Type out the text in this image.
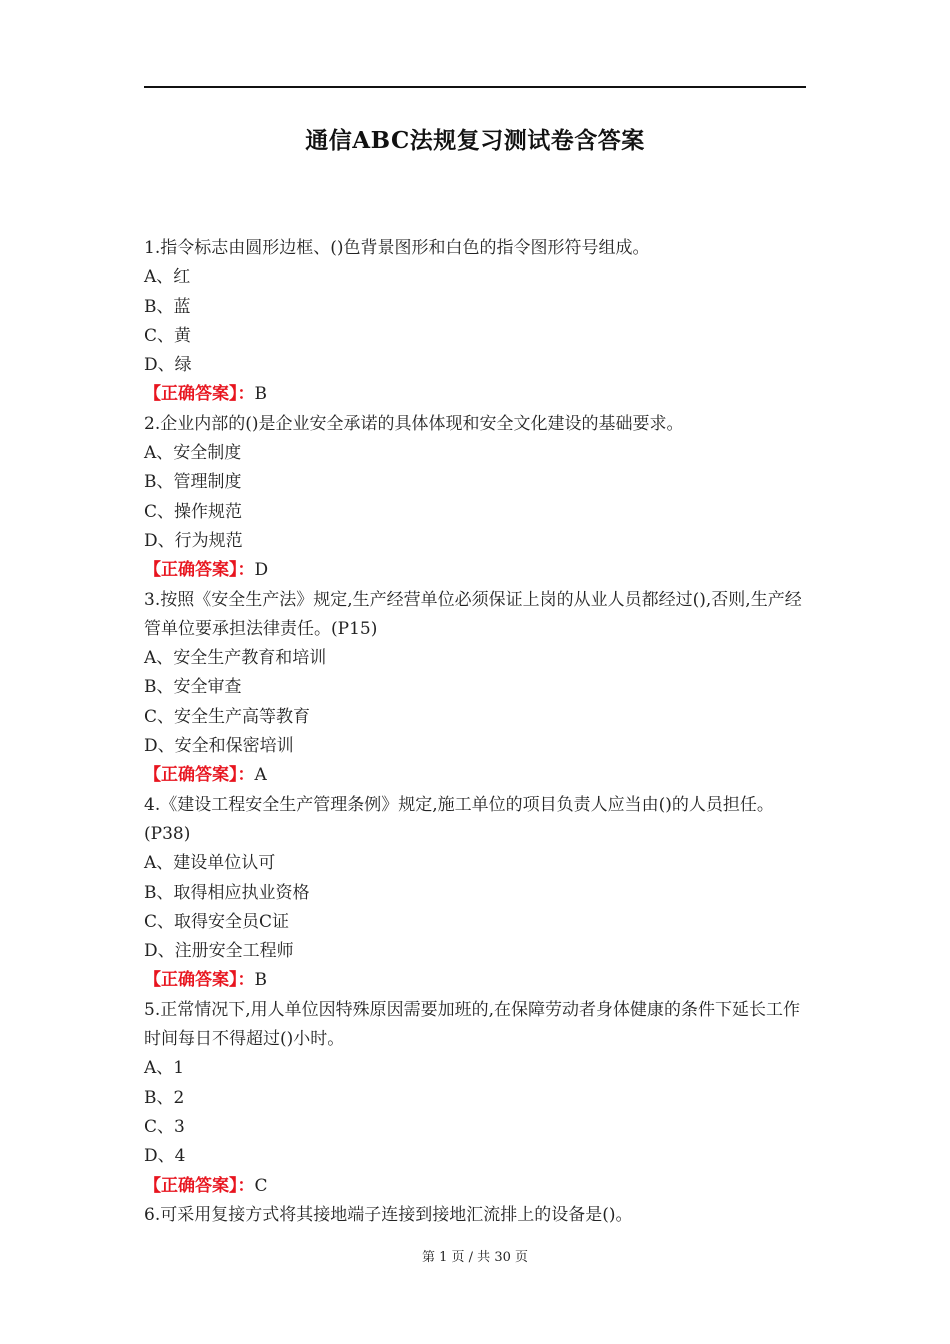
通信ABC法规复习测试卷含答案
1.指令标志由圆形边框、()色背景图形和白色的指令图形符号组成。
A、红
B、蓝
C、黄
D、绿
【正确答案】：B
2.企业内部的()是企业安全承诺的具体体现和安全文化建设的基础要求。
A、安全制度
B、管理制度
C、操作规范
D、行为规范
【正确答案】：D
3.按照《安全生产法》规定,生产经营单位必须保证上岗的从业人员都经过(),否则,生产经管单位要承担法律责任。(P15)
A、安全生产教育和培训
B、安全审查
C、安全生产高等教育
D、安全和保密培训
【正确答案】：A
4.《建设工程安全生产管理条例》规定,施工单位的项目负责人应当由()的人员担任。(P38)
A、建设单位认可
B、取得相应执业资格
C、取得安全员C证
D、注册安全工程师
【正确答案】：B
5.正常情况下,用人单位因特殊原因需要加班的,在保障劳动者身体健康的条件下延长工作时间每日不得超过()小时。
A、1
B、2
C、3
D、4
【正确答案】：C
6.可采用复接方式将其接地端子连接到接地汇流排上的设备是()。
第 1 页 / 共 30 页
